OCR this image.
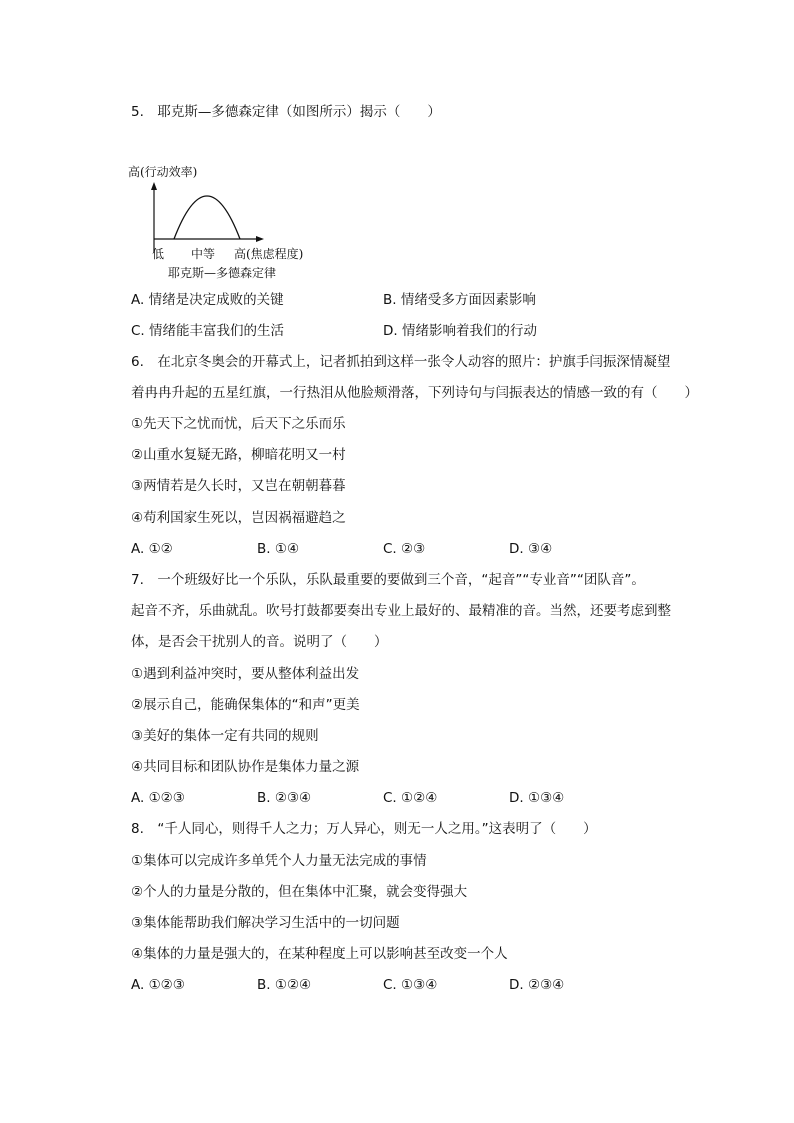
5.　耶克斯—多德森定律（如图所示）揭示（　　）
高(行动效率)
低 中等 高(焦虑程度)
耶克斯—多德森定律
A. 情绪是决定成败的关键	B. 情绪受多方面因素影响
C. 情绪能丰富我们的生活	D. 情绪影响着我们的行动
6.　在北京冬奥会的开幕式上，记者抓拍到这样一张令人动容的照片：护旗手闫振深情凝望
着冉冉升起的五星红旗，一行热泪从他脸颊滑落，下列诗句与闫振表达的情感一致的有（　　）
①先天下之忧而忧，后天下之乐而乐
②山重水复疑无路，柳暗花明又一村
③两情若是久长时，又岂在朝朝暮暮
④苟利国家生死以，岂因祸福避趋之
A. ①②	B. ①④	C. ②③	D. ③④
7.　一个班级好比一个乐队，乐队最重要的要做到三个音，“起音”“专业音”“团队音”。
起音不齐，乐曲就乱。吹号打鼓都要奏出专业上最好的、最精准的音。当然，还要考虑到整
体，是否会干扰别人的音。说明了（　　）
①遇到利益冲突时，要从整体利益出发
②展示自己，能确保集体的“和声”更美
③美好的集体一定有共同的规则
④共同目标和团队协作是集体力量之源
A. ①②③	B. ②③④	C. ①②④	D. ①③④
8.　“千人同心，则得千人之力；万人异心，则无一人之用。”这表明了（　　）
①集体可以完成许多单凭个人力量无法完成的事情
②个人的力量是分散的，但在集体中汇聚，就会变得强大
③集体能帮助我们解决学习生活中的一切问题
④集体的力量是强大的，在某种程度上可以影响甚至改变一个人
A. ①②③	B. ①②④	C. ①③④	D. ②③④
